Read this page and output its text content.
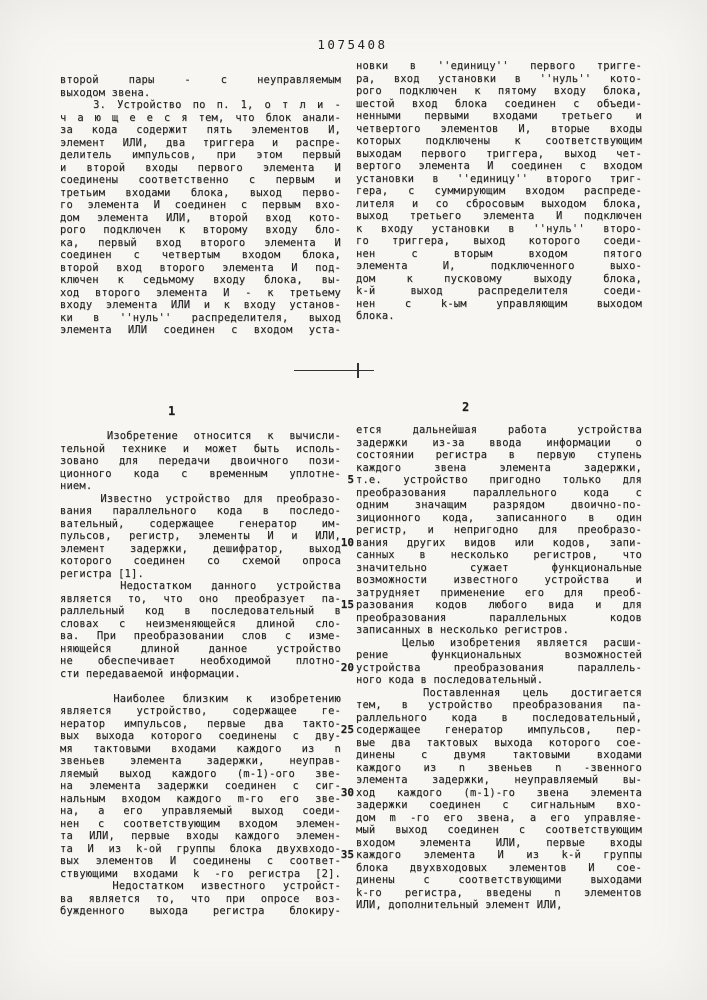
1075408
второй пары - с неуправляемым
выходом звена.
3. Устройство по п. 1, о т л и -
ч а ю щ е е с я тем, что блок анали-
за кода содержит пять элементов И,
элемент ИЛИ, два триггера и распре-
делитель импульсов, при этом первый
и второй входы первого элемента И
соединены соответственно с первым и
третьим входами блока, выход перво-
го элемента И соединен с первым вхо-
дом элемента ИЛИ, второй вход кото-
рого подключен к второму входу бло-
ка, первый вход второго элемента И
соединен с четвертым входом блока,
второй вход второго элемента И под-
ключен к седьмому входу блока, вы-
ход второго элемента И - к третьему
входу элемента ИЛИ и к входу установ-
ки в ''нуль'' распределителя, выход
элемента ИЛИ соединен с входом уста-
новки в ''единицу'' первого тригге-
ра, вход установки в ''нуль'' кото-
рого подключен к пятому входу блока,
шестой вход блока соединен с объеди-
ненными первыми входами третьего и
четвертого элементов И, вторые входы
которых подключены к соответствующим
выходам первого триггера, выход чет-
вертого элемента И соединен с входом
установки в ''единицу'' второго триг-
гера, с суммирующим входом распреде-
лителя и со сбросовым выходом блока,
выход третьего элемента И подключен
к входу установки в ''нуль'' второ-
го триггера, выход которого соеди-
нен с вторым входом пятого
элемента И, подключенного выхо-
дом к пусковому выходу блока,
k-й выход распределителя соеди-
нен с k-ым управляющим выходом
блока.
1	2
Изобретение относится к вычисли-
тельной технике и может быть исполь-
зовано для передачи двоичного пози-
ционного кода с временным уплотне-
нием.
Известно устройство для преобразо-
вания параллельного кода в последо-
вательный, содержащее генератор им-
пульсов, регистр, элементы И и ИЛИ,
элемент задержки, дешифратор, выход
которого соединен со схемой опроса
регистра [1].
Недостатком данного устройства
является то, что оно преобразует па-
раллельный код в последовательный в
словах с неизменяющейся длиной сло-
ва. При преобразовании слов с изме-
няющейся длиной данное устройство
не обеспечивает необходимой плотно-
сти передаваемой информации.
Наиболее близким к изобретению
является устройство, содержащее ге-
нератор импульсов, первые два такто-
вых выхода которого соединены с дву-
мя тактовыми входами каждого из n
звеньев элемента задержки, неуправ-
ляемый выход каждого (m-1)-ого зве-
на элемента задержки соединен с сиг-
нальным входом каждого m-го его зве-
на, а его управляемый выход соеди-
нен с соответствующим входом элемен-
та ИЛИ, первые входы каждого элемен-
та И из k-ой группы блока двухвходо-
вых элементов И соединены с соответ-
ствующими входами k -го регистра [2].
Недостатком известного устройст-
ва является то, что при опросе воз-
бужденного выхода регистра блокиру-
ется дальнейшая работа устройства
задержки из-за ввода информации о
состоянии регистра в первую ступень
каждого звена элемента задержки,
т.е. устройство пригодно только для
преобразования параллельного кода с
одним значащим разрядом двоично-по-
зиционного кода, записанного в один
регистр, и непригодно для преобразо-
вания других видов или кодов, запи-
санных в несколько регистров, что
значительно сужает функциональные
возможности известного устройства и
затрудняет применение его для преоб-
разования кодов любого вида и для
преобразования параллельных кодов
записанных в несколько регистров.
Целью изобретения является расши-
рение функциональных возможностей
устройства преобразования параллель-
ного кода в последовательный.
Поставленная цель достигается
тем, в устройство преобразования па-
раллельного кода в последовательный,
содержащее генератор импульсов, пер-
вые два тактовых выхода которого сое-
динены с двумя тактовыми входами
каждого из n звеньев n -звенного
элемента задержки, неуправляемый вы-
ход каждого (m-1)-го звена элемента
задержки соединен с сигнальным вхо-
дом m -го его звена, а его управляе-
мый выход соединен с соответствующим
входом элемента ИЛИ, первые входы
каждого элемента И из k-й группы
блока двухвходовых элементов И сое-
динены с соответствующими выходами
k-го регистра, введены n элементов
ИЛИ, дополнительный элемент ИЛИ,
5
10
15
20
25
30
35
